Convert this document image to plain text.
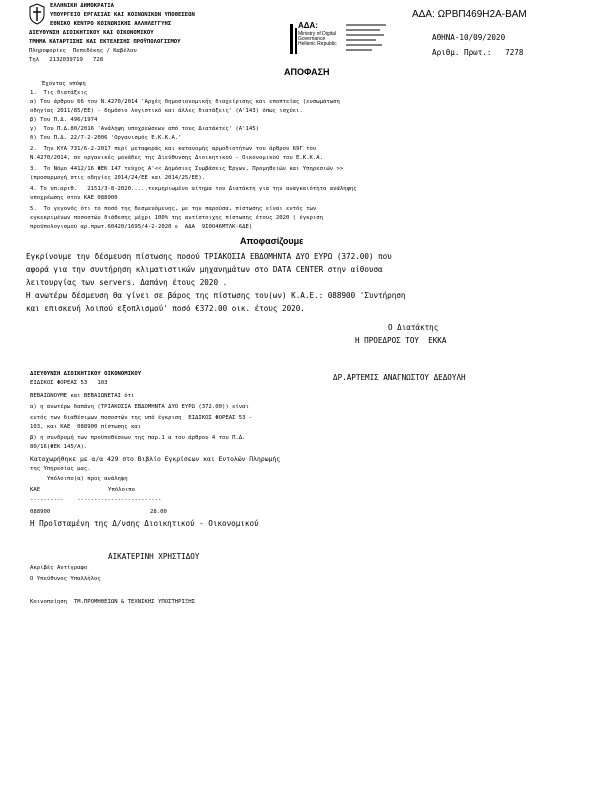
ΕΛΛΗΝΙΚΗ ΔΗΜΟΚΡΑΤΙΑ
ΥΠΟΥΡΓΕΙΟ ΕΡΓΑΣΙΑΣ ΚΑΙ ΚΟΙΝΩΝΙΚΩΝ ΥΠΟΘΕΣΕΩΝ
ΕΘΝΙΚΟ ΚΕΝΤΡΟ ΚΟΙΝΩΝΙΚΗΣ ΑΛΛΗΛΕΓΓΥΗΣ
ΔΙΕΥΘΥΝΣΗ ΔΙΟΙΚΗΤΙΚΟΥ ΚΑΙ ΟΙΚΟΝΟΜΙΚΟΥ
ΤΜΗΜΑ ΚΑΤΑΡΤΙΣΗΣ ΚΑΙ ΕΚΤΕΛΕΣΗΣ ΠΡΟΫΠΟΛΟΓΙΣΜΟΥ
Πληροφορίες  Πεπεδέκης / Καβέλου
Τηλ   2132039719   728
ΑΔΑ:
Ministry of Digital
Governance
Hellenic Republic
ΑΔΑ: ΩΡΒΠ469Η2Α-ΒΑΜ
ΑΘΗΝΑ-10/09/2020
Αριθμ. Πρωτ.:   7278
ΑΠΟΦΑΣΗ
Έχοντας υπόψη
1.  Τις διατάξεις
α) Του άρθρου 66 του Ν.4270/2014 'Αρχές δημοσιονομικής διαχείρισης και εποπτείας (ενσωμάτωση
οδηγίας 2011/85/ΕΕ) - δημόσιο λογιστικό και άλλες διατάξεις' (Α'143) όπως ισχύει.
β) Του Π.Δ. 496/1974
γ)  Του Π.Δ.80/2016 'Ανάληψη υποχρεώσεων από τους Διατάκτες' (Α'145)
δ) Του Π.Δ. 22/7-2-2006 'Οργανισμός Ε.Κ.Κ.Α.'
2.  Την ΚΥΑ 731/6-2-2017 περί μεταφοράς και κατανομής αρμοδιοτήτων του άρθρου 69Γ του
Ν.4270/2014, σε οργανικές μονάδες της Διεύθυνσης Διοικητικού - Οικονομικού του Ε.Κ.Κ.Α.
3.  Το Νόμο 4412/16 ΦΕΚ 147 τεύχος Α'<< Δημόσιες Συμβάσεις Έργων, Προμηθειών και Υπηρεσιών >>
(προσαρμογή στις οδηγίες 2014/24/ΕΕ και 2014/25/ΕΕ).
4. Το υπ.αριθ.   2151/3-8-2020.....τεκμηριωμένο αίτημα του Διατάκτη για την αναγκαιότητα ανάληψης
υποχρέωσης στον ΚΑΕ 088900
5.  Το γεγονός ότι το ποσό της δεσμευόμενης, με την παρούσα, πίστωσης είναι εντός των
εγκεκριμένων ποσοστών διάθεσης μέχρι 100% της αντίστοιχης πίστωσης έτους 2020 ( έγκριση
προϋπολογισμού αρ.πρωτ.60420/1695/4-2-2020 ε  ΑΔΑ  9Ι0Ο46ΜΤΛΚ-6ΔΕ)
Αποφασίζουμε
Εγκρίνουμε την δέσμευση πίστωσης ποσού ΤΡΙΑΚΟΣΙΑ ΕΒΔΟΜΗΝΤΑ ΔΥΟ ΕΥΡΩ (372.00) που
αφορά για την συντήρηση κλιματιστικών μηχανημάτων στο DATA CENTER στην αίθουσα
λειτουργίας των servers. Δαπάνη έτους 2020 .
Η ανωτέρω δέσμευση θα γίνει σε βάρος της πίστωσης του(ων) Κ.Α.Ε.: 088900 'Συντήρηση
και επισκευή λοιπού εξοπλισμού' ποσό €372.00 οικ. έτους 2020.
Ο Διατάκτης
Η ΠΡΟΕΔΡΟΣ ΤΟΥ  ΕΚΚΑ
ΔΙΕΥΘΥΝΣΗ ΔΙΟΙΚΗΤΙΚΟΥ ΟΙΚΟΝΟΜΙΚΟΥ
ΕΙΔΙΚΟΣ ΦΟΡΕΑΣ 53   103
ΔΡ.ΑΡΤΕΜΙΣ ΑΝΑΓΝΩΣΤΟΥ ΔΕΔΟΥΛΗ
ΒΕΒΑΙΩΝΟΥΜΕ και ΒΕΒΑΙΩΝΕΤΑΙ ότι
α) η ανωτέρω δαπάνη (ΤΡΙΑΚΟΣΙΑ ΕΒΔΟΜΗΝΤΑ ΔΥΟ ΕΥΡΩ (372.00)) είναι
εντός των διαθέσιμων ποσοστών της υπό έγκριση  ΕΙΔΙΚΟΣ ΦΟΡΕΑΣ 53 -
103, και ΚΑΕ  088900 πίστωσης και
β) η συνδρομή των προϋποθέσεων της παρ.1 α του άρθρου 4 του Π.Δ.
80/16(ΦΕΚ 145/Α).
Καταχωρήθηκε με α/α 429 στο Βιβλίο Εγκρίσεων και Εντολών Πληρωμής
της Υπηρεσίας μας.
Υπόλοιπο(α) προς ανάληψη
ΚΑΕ	Υπόλοιπο
----------    -------------------------
088900	28.00
Η Προϊσταμένη της Δ/νσης Διοικητικού - Οικονομικού
ΑΙΚΑΤΕΡΙΝΗ ΧΡΗΣΤΙΔΟΥ
Ακριβές Αντίγραφο
Ο Υπεύθυνος Υπαλλήλος
Κοινοποίηση  ΤΜ.ΠΡΟΜΗΘΕΙΩΝ & ΤΕΧΝΙΚΗΣ ΥΠΟΣΤΗΡΙΞΗΣ
